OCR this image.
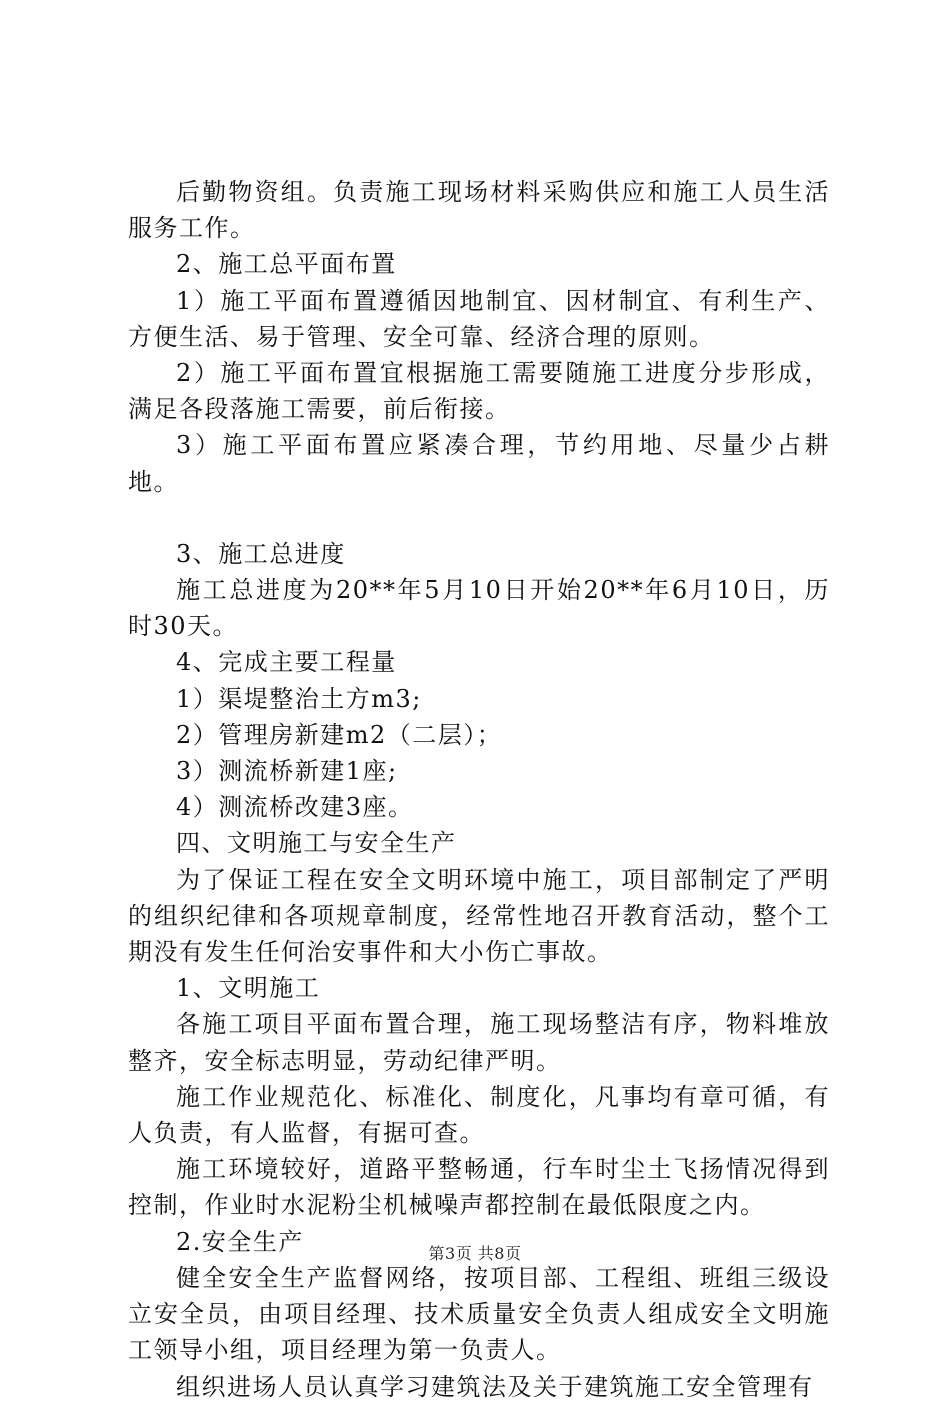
后勤物资组。负责施工现场材料采购供应和施工人员生活服务工作。

2、施工总平面布置

1）施工平面布置遵循因地制宜、因材制宜、有利生产、方便生活、易于管理、安全可靠、经济合理的原则。

2）施工平面布置宜根据施工需要随施工进度分步形成，满足各段落施工需要，前后衔接。

3）施工平面布置应紧凑合理，节约用地、尽量少占耕地。

3、施工总进度

施工总进度为20**年5月10日开始20**年6月10日，历时30天。

4、完成主要工程量

1）渠堤整治土方m3;

2）管理房新建m2（二层）；

3）测流桥新建1座;

4）测流桥改建3座。

四、文明施工与安全生产

为了保证工程在安全文明环境中施工，项目部制定了严明的组织纪律和各项规章制度，经常性地召开教育活动，整个工期没有发生任何治安事件和大小伤亡事故。

1、文明施工

各施工项目平面布置合理，施工现场整洁有序，物料堆放整齐，安全标志明显，劳动纪律严明。

施工作业规范化、标准化、制度化，凡事均有章可循，有人负责，有人监督，有据可查。

施工环境较好，道路平整畅通，行车时尘土飞扬情况得到控制，作业时水泥粉尘机械噪声都控制在最低限度之内。

2.安全生产

健全安全生产监督网络，按项目部、工程组、班组三级设立安全员，由项目经理、技术质量安全负责人组成安全文明施工领导小组，项目经理为第一负责人。

组织进场人员认真学习建筑法及关于建筑施工安全管理有

第3页 共8页
